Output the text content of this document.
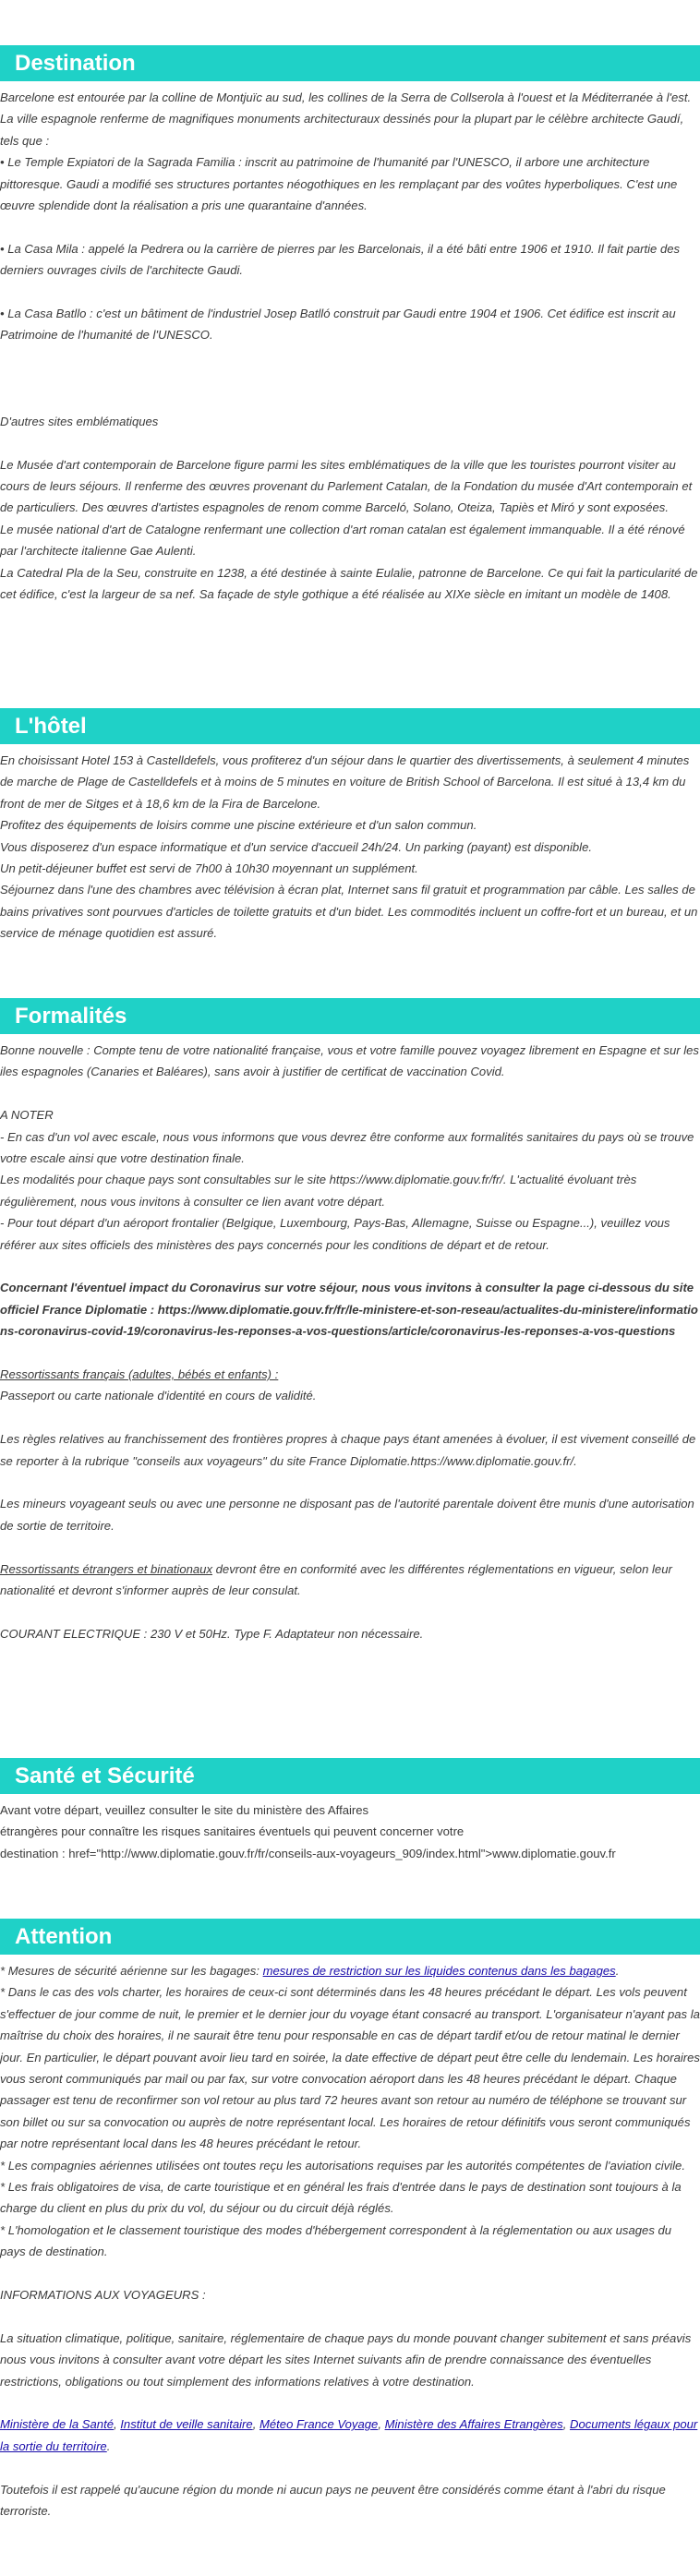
Destination

Barcelone est entourée par la colline de Montjuïc au sud, les collines de la Serra de Collserola à l'ouest et la Méditerranée à l'est. La ville espagnole renferme de magnifiques monuments architecturaux dessinés pour la plupart par le célèbre architecte Gaudí, tels que :

• Le Temple Expiatori de la Sagrada Familia : inscrit au patrimoine de l'humanité par l'UNESCO, il arbore une architecture pittoresque. Gaudi a modifié ses structures portantes néogothiques en les remplaçant par des voûtes hyperboliques. C'est une œuvre splendide dont la réalisation a pris une quarantaine d'années.

• La Casa Mila : appelé la Pedrera ou la carrière de pierres par les Barcelonais, il a été bâti entre 1906 et 1910. Il fait partie des derniers ouvrages civils de l'architecte Gaudi.

• La Casa Batllo : c'est un bâtiment de l'industriel Josep Batlló construit par Gaudi entre 1904 et 1906. Cet édifice est inscrit au Patrimoine de l'humanité de l'UNESCO.

D'autres sites emblématiques

Le Musée d'art contemporain de Barcelone figure parmi les sites emblématiques de la ville que les touristes pourront visiter au cours de leurs séjours. Il renferme des œuvres provenant du Parlement Catalan, de la Fondation du musée d'Art contemporain et de particuliers. Des œuvres d'artistes espagnoles de renom comme Barceló, Solano, Oteiza, Tapiès et Miró y sont exposées.

Le musée national d'art de Catalogne renfermant une collection d'art roman catalan est également immanquable. Il a été rénové par l'architecte italienne Gae Aulenti.

La Catedral Pla de la Seu, construite en 1238, a été destinée à sainte Eulalie, patronne de Barcelone. Ce qui fait la particularité de cet édifice, c'est la largeur de sa nef. Sa façade de style gothique a été réalisée au XIXe siècle en imitant un modèle de 1408.

L'hôtel

En choisissant Hotel 153 à Castelldefels, vous profiterez d'un séjour dans le quartier des divertissements, à seulement 4 minutes de marche de Plage de Castelldefels et à moins de 5 minutes en voiture de British School of Barcelona. Il est situé à 13,4 km du front de mer de Sitges et à 18,6 km de la Fira de Barcelone.

Profitez des équipements de loisirs comme une piscine extérieure et d'un salon commun.

Vous disposerez d'un espace informatique et d'un service d'accueil 24h/24. Un parking (payant) est disponible.

Un petit-déjeuner buffet est servi de 7h00 à 10h30 moyennant un supplément.

Séjournez dans l'une des chambres avec télévision à écran plat, Internet sans fil gratuit et programmation par câble. Les salles de bains privatives sont pourvues d'articles de toilette gratuits et d'un bidet. Les commodités incluent un coffre-fort et un bureau, et un service de ménage quotidien est assuré.

Formalités

Bonne nouvelle : Compte tenu de votre nationalité française, vous et votre famille pouvez voyagez librement en Espagne et sur les iles espagnoles (Canaries et Baléares), sans avoir à justifier de certificat de vaccination Covid.

A NOTER

- En cas d'un vol avec escale, nous vous informons que vous devrez être conforme aux formalités sanitaires du pays où se trouve votre escale ainsi que votre destination finale.

Les modalités pour chaque pays sont consultables sur le site https://www.diplomatie.gouv.fr/fr/. L'actualité évoluant très régulièrement, nous vous invitons à consulter ce lien avant votre départ.

- Pour tout départ d'un aéroport frontalier (Belgique, Luxembourg, Pays-Bas, Allemagne, Suisse ou Espagne...), veuillez vous référer aux sites officiels des ministères des pays concernés pour les conditions de départ et de retour.

Concernant l'éventuel impact du Coronavirus sur votre séjour, nous vous invitons à consulter la page ci-dessous du site officiel France Diplomatie : https://www.diplomatie.gouv.fr/fr/le-ministere-et-son-reseau/actualites-du-ministere/informations-coronavirus-covid-19/coronavirus-les-reponses-a-vos-questions/article/coronavirus-les-reponses-a-vos-questions

Ressortissants français (adultes, bébés et enfants) :

Passeport ou carte nationale d'identité en cours de validité.

Les règles relatives au franchissement des frontières propres à chaque pays étant amenées à évoluer, il est vivement conseillé de se reporter à la rubrique "conseils aux voyageurs" du site France Diplomatie.https://www.diplomatie.gouv.fr/.

Les mineurs voyageant seuls ou avec une personne ne disposant pas de l'autorité parentale doivent être munis d'une autorisation de sortie de territoire.

Ressortissants étrangers et binationaux devront être en conformité avec les différentes réglementations en vigueur, selon leur nationalité et devront s'informer auprès de leur consulat.

COURANT ELECTRIQUE : 230 V et 50Hz. Type F. Adaptateur non nécessaire.

Santé et Sécurité

Avant votre départ, veuillez consulter le site du ministère des Affaires

étrangères pour connaître les risques sanitaires éventuels qui peuvent concerner votre

destination : href="http://www.diplomatie.gouv.fr/fr/conseils-aux-voyageurs_909/index.html">www.diplomatie.gouv.fr

Attention

* Mesures de sécurité aérienne sur les bagages: mesures de restriction sur les liquides contenus dans les bagages.

* Dans le cas des vols charter, les horaires de ceux-ci sont déterminés dans les 48 heures précédant le départ. Les vols peuvent s'effectuer de jour comme de nuit, le premier et le dernier jour du voyage étant consacré au transport. L'organisateur n'ayant pas la maîtrise du choix des horaires, il ne saurait être tenu pour responsable en cas de départ tardif et/ou de retour matinal le dernier jour. En particulier, le départ pouvant avoir lieu tard en soirée, la date effective de départ peut être celle du lendemain. Les horaires vous seront communiqués par mail ou par fax, sur votre convocation aéroport dans les 48 heures précédant le départ. Chaque passager est tenu de reconfirmer son vol retour au plus tard 72 heures avant son retour au numéro de téléphone se trouvant sur son billet ou sur sa convocation ou auprès de notre représentant local. Les horaires de retour définitifs vous seront communiqués par notre représentant local dans les 48 heures précédant le retour.

* Les compagnies aériennes utilisées ont toutes reçu les autorisations requises par les autorités compétentes de l'aviation civile.

* Les frais obligatoires de visa, de carte touristique et en général les frais d'entrée dans le pays de destination sont toujours à la charge du client en plus du prix du vol, du séjour ou du circuit déjà réglés.

* L'homologation et le classement touristique des modes d'hébergement correspondent à la réglementation ou aux usages du pays de destination.

INFORMATIONS AUX VOYAGEURS :

La situation climatique, politique, sanitaire, réglementaire de chaque pays du monde pouvant changer subitement et sans préavis nous vous invitons à consulter avant votre départ les sites Internet suivants afin de prendre connaissance des éventuelles restrictions, obligations ou tout simplement des informations relatives à votre destination.

Ministère de la Santé, Institut de veille sanitaire, Méteo France Voyage, Ministère des Affaires Etrangères, Documents légaux pour la sortie du territoire.

Toutefois il est rappelé qu'aucune région du monde ni aucun pays ne peuvent être considérés comme étant à l'abri du risque terroriste.
